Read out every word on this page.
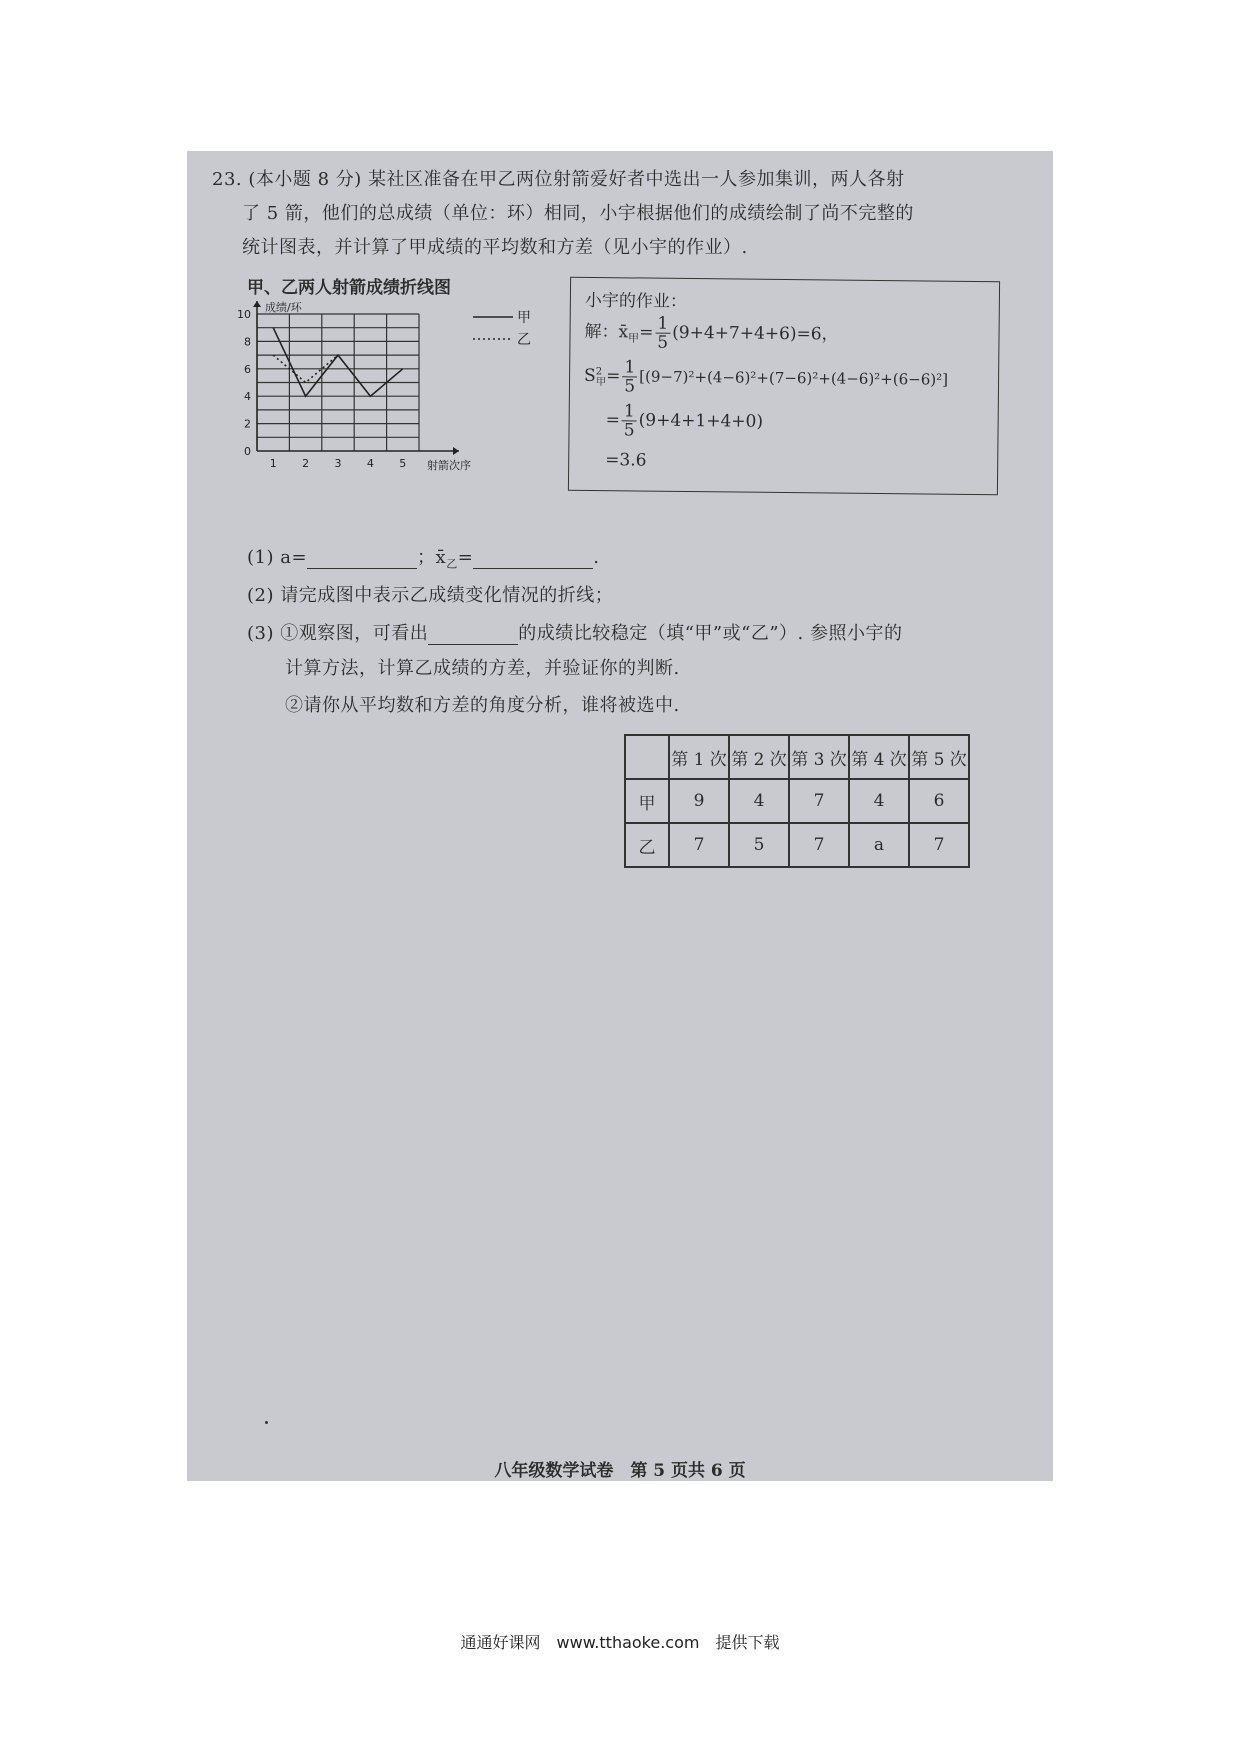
23. (本小题 8 分) 某社区准备在甲乙两位射箭爱好者中选出一人参加集训，两人各射
了 5 箭，他们的总成绩（单位：环）相同，小宇根据他们的成绩绘制了尚不完整的
统计图表，并计算了甲成绩的平均数和方差（见小宇的作业）.
甲、乙两人射箭成绩折线图
成绩/环
射箭次序
0
2
4
6
8
10
1 2 3 4 5
甲
乙
小宇的作业：
解：$x̄_甲= \frac{1}{5} (9+4+7+4+6)=6$，
$S^2_甲= \frac{1}{5} [(9-7)^2+(4-6)^2+(7-6)^2+(4-6)^2+(6-6)^2]$
= $\frac{1}{5} (9+4+1+4+0)$
=3.6
(1) a=	；$x̄_乙=$	.
(2) 请完成图中表示乙成绩变化情况的折线；
(3) ①观察图，可看出	的成绩比较稳定（填“甲”或“乙”）. 参照小宇的
计算方法，计算乙成绩的方差，并验证你的判断.
②请你从平均数和方差的角度分析，谁将被选中.
	第 1 次	第 2 次	第 3 次	第 4 次	第 5 次
甲	9	4	7	4	6
乙	7	5	7	a	7
八年级数学试卷　第 5 页共 6 页
通通好课网　www.tthaoke.com　提供下载
